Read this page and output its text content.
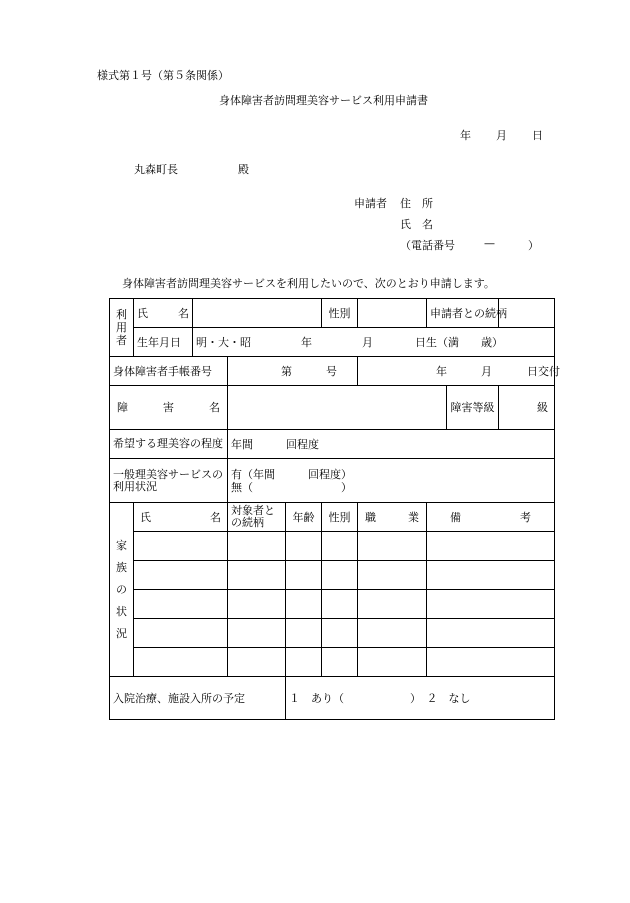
様式第１号（第５条関係）
身体障害者訪問理美容サービス利用申請書
年 月 日
丸森町長	殿
申請者 住　所
氏　名
（電話番号	—	）
身体障害者訪問理美容サービスを利用したいので、次のとおり申請します。
利
用
者	氏 名				性別		申請者との続柄		
	生年月日	明・大・昭 年 月 日生（満　　歳）							

身体障害者手帳番号			第 号			年 月 日交付			

障 害 名								障害等級	級
希望する理美容の程度			年間　　　回程度						
一般理美容サービスの利用状況			有（年間　　　回程度）
無（　　　　　　　　）						

家
族
の
状
況	氏 名		対象者との続柄	年齢	性別	職 業	備 考		

入院治療、施設入所の予定				１　あり（　　　　　　）　２　なし					
